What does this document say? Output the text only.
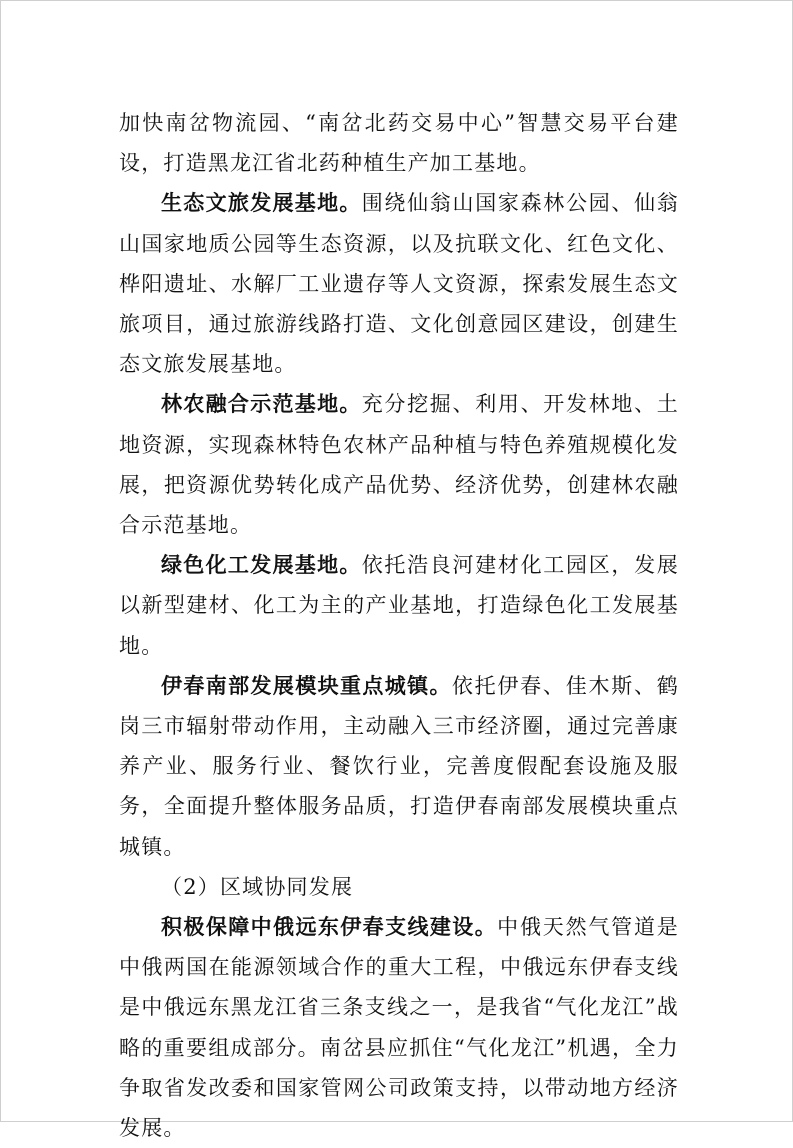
加快南岔物流园、“南岔北药交易中心”智慧交易平台建设，打造黑龙江省北药种植生产加工基地。

生态文旅发展基地。围绕仙翁山国家森林公园、仙翁山国家地质公园等生态资源，以及抗联文化、红色文化、桦阳遗址、水解厂工业遗存等人文资源，探索发展生态文旅项目，通过旅游线路打造、文化创意园区建设，创建生态文旅发展基地。

林农融合示范基地。充分挖掘、利用、开发林地、土地资源，实现森林特色农林产品种植与特色养殖规模化发展，把资源优势转化成产品优势、经济优势，创建林农融合示范基地。

绿色化工发展基地。依托浩良河建材化工园区，发展以新型建材、化工为主的产业基地，打造绿色化工发展基地。

伊春南部发展模块重点城镇。依托伊春、佳木斯、鹤岗三市辐射带动作用，主动融入三市经济圈，通过完善康养产业、服务行业、餐饮行业，完善度假配套设施及服务，全面提升整体服务品质，打造伊春南部发展模块重点城镇。

（2）区域协同发展

积极保障中俄远东伊春支线建设。中俄天然气管道是中俄两国在能源领域合作的重大工程，中俄远东伊春支线是中俄远东黑龙江省三条支线之一，是我省“气化龙江”战略的重要组成部分。南岔县应抓住“气化龙江”机遇，全力争取省发改委和国家管网公司政策支持，以带动地方经济发展。
